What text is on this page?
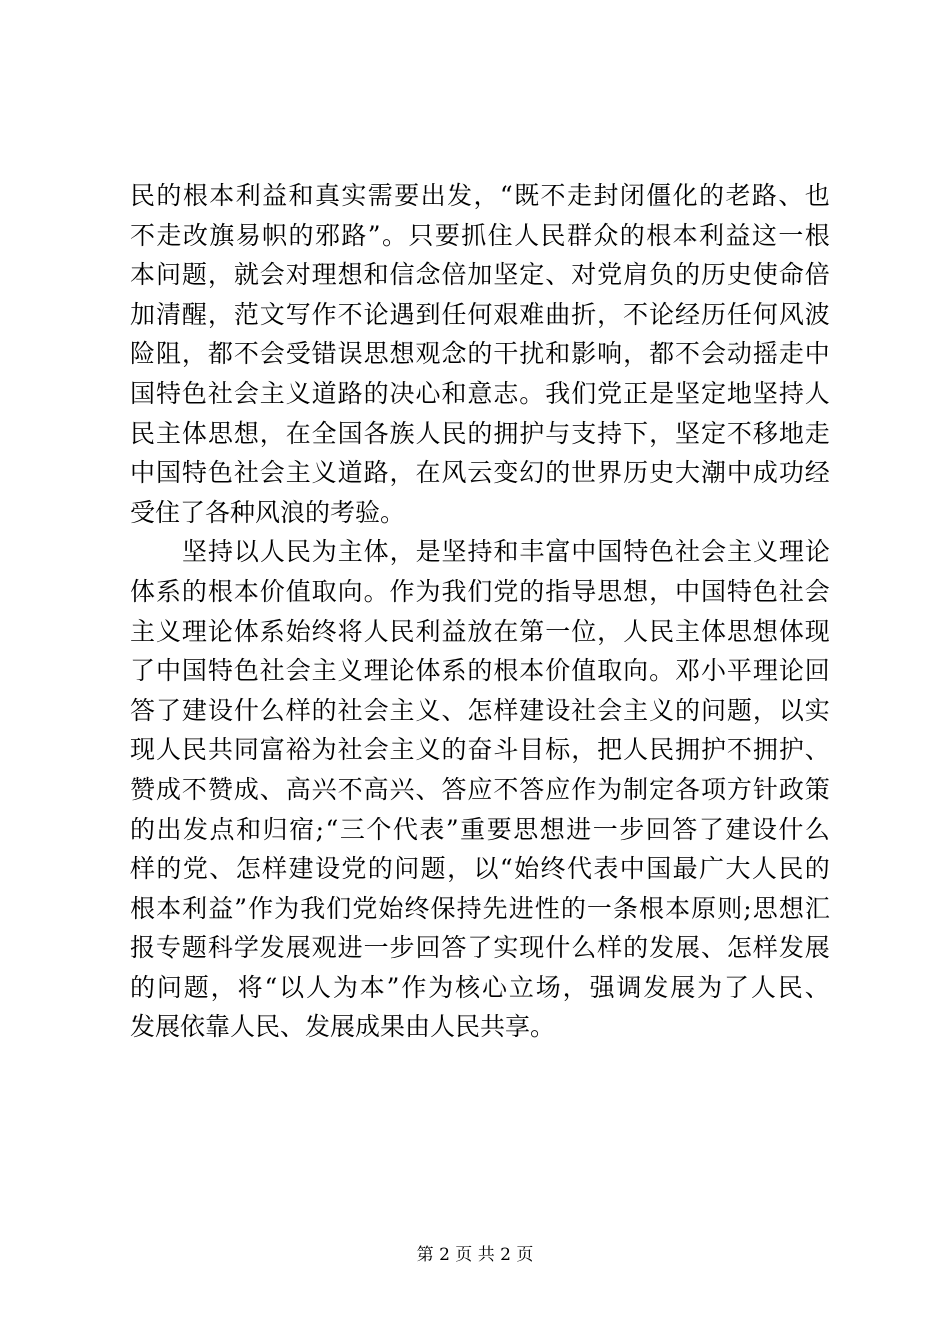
民 的 根 本 利 益 和 真 实 需 要 出 发 ， “ 既 不 走 封 闭 僵 化 的 老 路 、 也
不 走 改 旗 易 帜 的 邪 路 ” 。 只 要 抓 住 人 民 群 众 的 根 本 利 益 这 一 根
本 问 题 ， 就 会 对 理 想 和 信 念 倍 加 坚 定 、 对 党 肩 负 的 历 史 使 命 倍
加 清 醒 ， 范 文 写 作 不 论 遇 到 任 何 艰 难 曲 折 ， 不 论 经 历 任 何 风 波
险 阻 ， 都 不 会 受 错 误 思 想 观 念 的 干 扰 和 影 响 ， 都 不 会 动 摇 走 中
国 特 色 社 会 主 义 道 路 的 决 心 和 意 志 。 我 们 党 正 是 坚 定 地 坚 持 人
民 主 体 思 想 ， 在 全 国 各 族 人 民 的 拥 护 与 支 持 下 ， 坚 定 不 移 地 走
中 国 特 色 社 会 主 义 道 路 ， 在 风 云 变 幻 的 世 界 历 史 大 潮 中 成 功 经
受住了各种风浪的考验。
坚 持 以 人 民 为 主 体 ， 是 坚 持 和 丰 富 中 国 特 色 社 会 主 义 理 论
体 系 的 根 本 价 值 取 向 。 作 为 我 们 党 的 指 导 思 想 ， 中 国 特 色 社 会
主 义 理 论 体 系 始 终 将 人 民 利 益 放 在 第 一 位 ， 人 民 主 体 思 想 体 现
了 中 国 特 色 社 会 主 义 理 论 体 系 的 根 本 价 值 取 向 。 邓 小 平 理 论 回
答 了 建 设 什 么 样 的 社 会 主 义 、 怎 样 建 设 社 会 主 义 的 问 题 ， 以 实
现 人 民 共 同 富 裕 为 社 会 主 义 的 奋 斗 目 标 ， 把 人 民 拥 护 不 拥 护 、
赞 成 不 赞 成 、 高 兴 不 高 兴 、 答 应 不 答 应 作 为 制 定 各 项 方 针 政 策
的 出 发 点 和 归 宿 ; “ 三 个 代 表 ” 重 要 思 想 进 一 步 回 答 了 建 设 什 么
样 的 党 、 怎 样 建 设 党 的 问 题 ， 以 “ 始 终 代 表 中 国 最 广 大 人 民 的
根 本 利 益 ” 作 为 我 们 党 始 终 保 持 先 进 性 的 一 条 根 本 原 则 ; 思 想 汇
报 专 题 科 学 发 展 观 进 一 步 回 答 了 实 现 什 么 样 的 发 展 、 怎 样 发 展
的 问 题 ， 将 “ 以 人 为 本 ” 作 为 核 心 立 场 ， 强 调 发 展 为 了 人 民 、
发展依靠人民、发展成果由人民共享。
第 2 页 共 2 页
